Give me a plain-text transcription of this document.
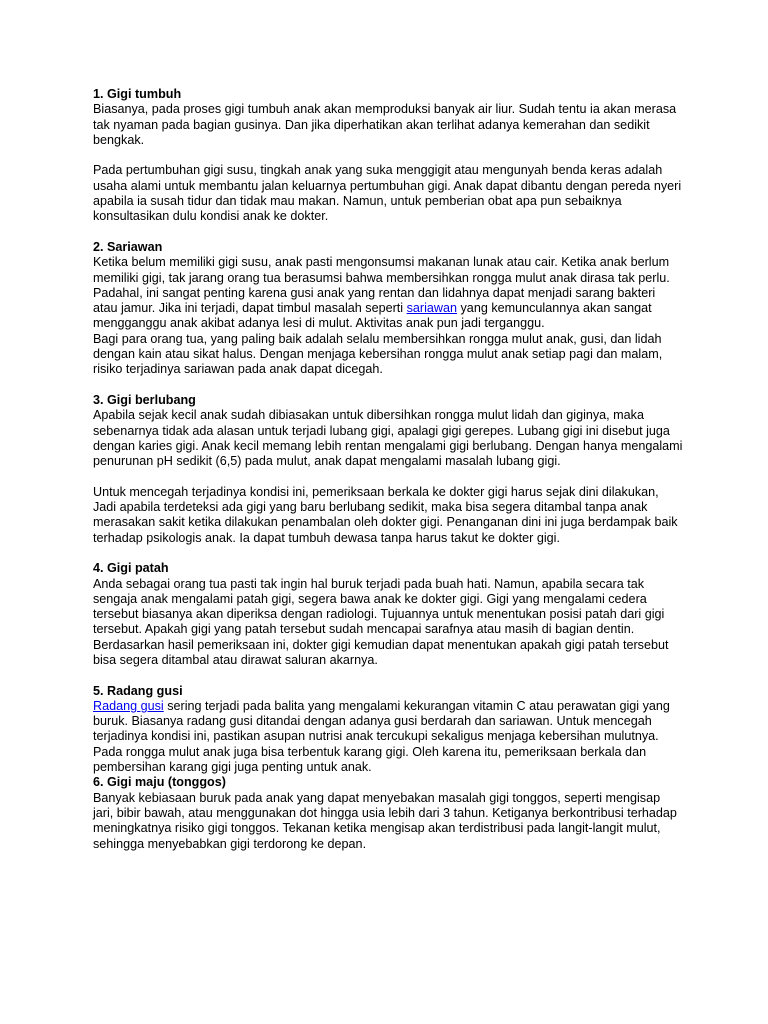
1. Gigi tumbuh

Biasanya, pada proses gigi tumbuh anak akan memproduksi banyak air liur. Sudah tentu ia akan merasa tak nyaman pada bagian gusinya. Dan jika diperhatikan akan terlihat adanya kemerahan dan sedikit bengkak.

Pada pertumbuhan gigi susu, tingkah anak yang suka menggigit atau mengunyah benda keras adalah usaha alami untuk membantu jalan keluarnya pertumbuhan gigi. Anak dapat dibantu dengan pereda nyeri apabila ia susah tidur dan tidak mau makan. Namun, untuk pemberian obat apa pun sebaiknya konsultasikan dulu kondisi anak ke dokter.

2. Sariawan

Ketika belum memiliki gigi susu, anak pasti mengonsumsi makanan lunak atau cair. Ketika anak berlum memiliki gigi, tak jarang orang tua berasumsi bahwa membersihkan rongga mulut anak dirasa tak perlu. Padahal, ini sangat penting karena gusi anak yang rentan dan lidahnya dapat menjadi sarang bakteri atau jamur. Jika ini terjadi, dapat timbul masalah seperti sariawan yang kemunculannya akan sangat mengganggu anak akibat adanya lesi di mulut. Aktivitas anak pun jadi terganggu.

Bagi para orang tua, yang paling baik adalah selalu membersihkan rongga mulut anak, gusi, dan lidah dengan kain atau sikat halus. Dengan menjaga kebersihan rongga mulut anak setiap pagi dan malam, risiko terjadinya sariawan pada anak dapat dicegah.

3. Gigi berlubang

Apabila sejak kecil anak sudah dibiasakan untuk dibersihkan rongga mulut lidah dan giginya, maka sebenarnya tidak ada alasan untuk terjadi lubang gigi, apalagi gigi gerepes. Lubang gigi ini disebut juga dengan karies gigi. Anak kecil memang lebih rentan mengalami gigi berlubang. Dengan hanya mengalami penurunan pH sedikit (6,5) pada mulut, anak dapat mengalami masalah lubang gigi.

Untuk mencegah terjadinya kondisi ini, pemeriksaan berkala ke dokter gigi harus sejak dini dilakukan, Jadi apabila terdeteksi ada gigi yang baru berlubang sedikit, maka bisa segera ditambal tanpa anak merasakan sakit ketika dilakukan penambalan oleh dokter gigi. Penanganan dini ini juga berdampak baik terhadap psikologis anak. Ia dapat tumbuh dewasa tanpa harus takut ke dokter gigi.

4. Gigi patah

Anda sebagai orang tua pasti tak ingin hal buruk terjadi pada buah hati. Namun, apabila secara tak sengaja anak mengalami patah gigi, segera bawa anak ke dokter gigi. Gigi yang mengalami cedera tersebut biasanya akan diperiksa dengan radiologi. Tujuannya untuk menentukan posisi patah dari gigi tersebut. Apakah gigi yang patah tersebut sudah mencapai sarafnya atau masih di bagian dentin. Berdasarkan hasil pemeriksaan ini, dokter gigi kemudian dapat menentukan apakah gigi patah tersebut bisa segera ditambal atau dirawat saluran akarnya.

5. Radang gusi

Radang gusi sering terjadi pada balita yang mengalami kekurangan vitamin C atau perawatan gigi yang buruk. Biasanya radang gusi ditandai dengan adanya gusi berdarah dan sariawan. Untuk mencegah terjadinya kondisi ini, pastikan asupan nutrisi anak tercukupi sekaligus menjaga kebersihan mulutnya. Pada rongga mulut anak juga bisa terbentuk karang gigi. Oleh karena itu, pemeriksaan berkala dan pembersihan karang gigi juga penting untuk anak.

6. Gigi maju (tonggos)

Banyak kebiasaan buruk pada anak yang dapat menyebakan masalah gigi tonggos, seperti mengisap jari, bibir bawah, atau menggunakan dot hingga usia lebih dari 3 tahun. Ketiganya berkontribusi terhadap meningkatnya risiko gigi tonggos. Tekanan ketika mengisap akan terdistribusi pada langit-langit mulut, sehingga menyebabkan gigi terdorong ke depan.
